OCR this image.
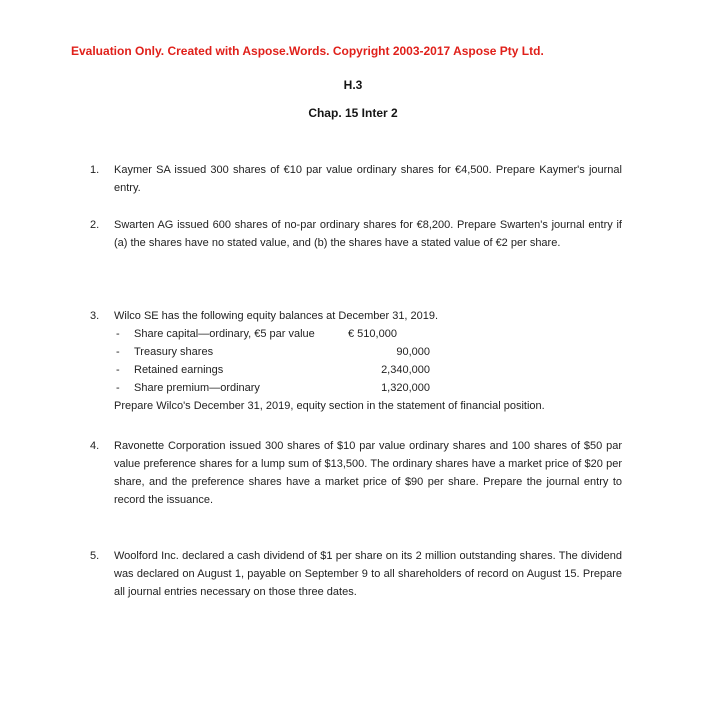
Evaluation Only. Created with Aspose.Words. Copyright 2003-2017 Aspose Pty Ltd.
H.3
Chap. 15 Inter 2
1. Kaymer SA issued 300 shares of €10 par value ordinary shares for €4,500. Prepare Kaymer's journal entry.
2. Swarten AG issued 600 shares of no-par ordinary shares for €8,200. Prepare Swarten's journal entry if (a) the shares have no stated value, and (b) the shares have a stated value of €2 per share.
3. Wilco SE has the following equity balances at December 31, 2019.
- Share capital—ordinary, €5 par value	€ 510,000
- Treasury shares	90,000
- Retained earnings	2,340,000
- Share premium—ordinary	1,320,000
Prepare Wilco's December 31, 2019, equity section in the statement of financial position.
4. Ravonette Corporation issued 300 shares of $10 par value ordinary shares and 100 shares of $50 par value preference shares for a lump sum of $13,500. The ordinary shares have a market price of $20 per share, and the preference shares have a market price of $90 per share. Prepare the journal entry to record the issuance.
5. Woolford Inc. declared a cash dividend of $1 per share on its 2 million outstanding shares. The dividend was declared on August 1, payable on September 9 to all shareholders of record on August 15. Prepare all journal entries necessary on those three dates.
